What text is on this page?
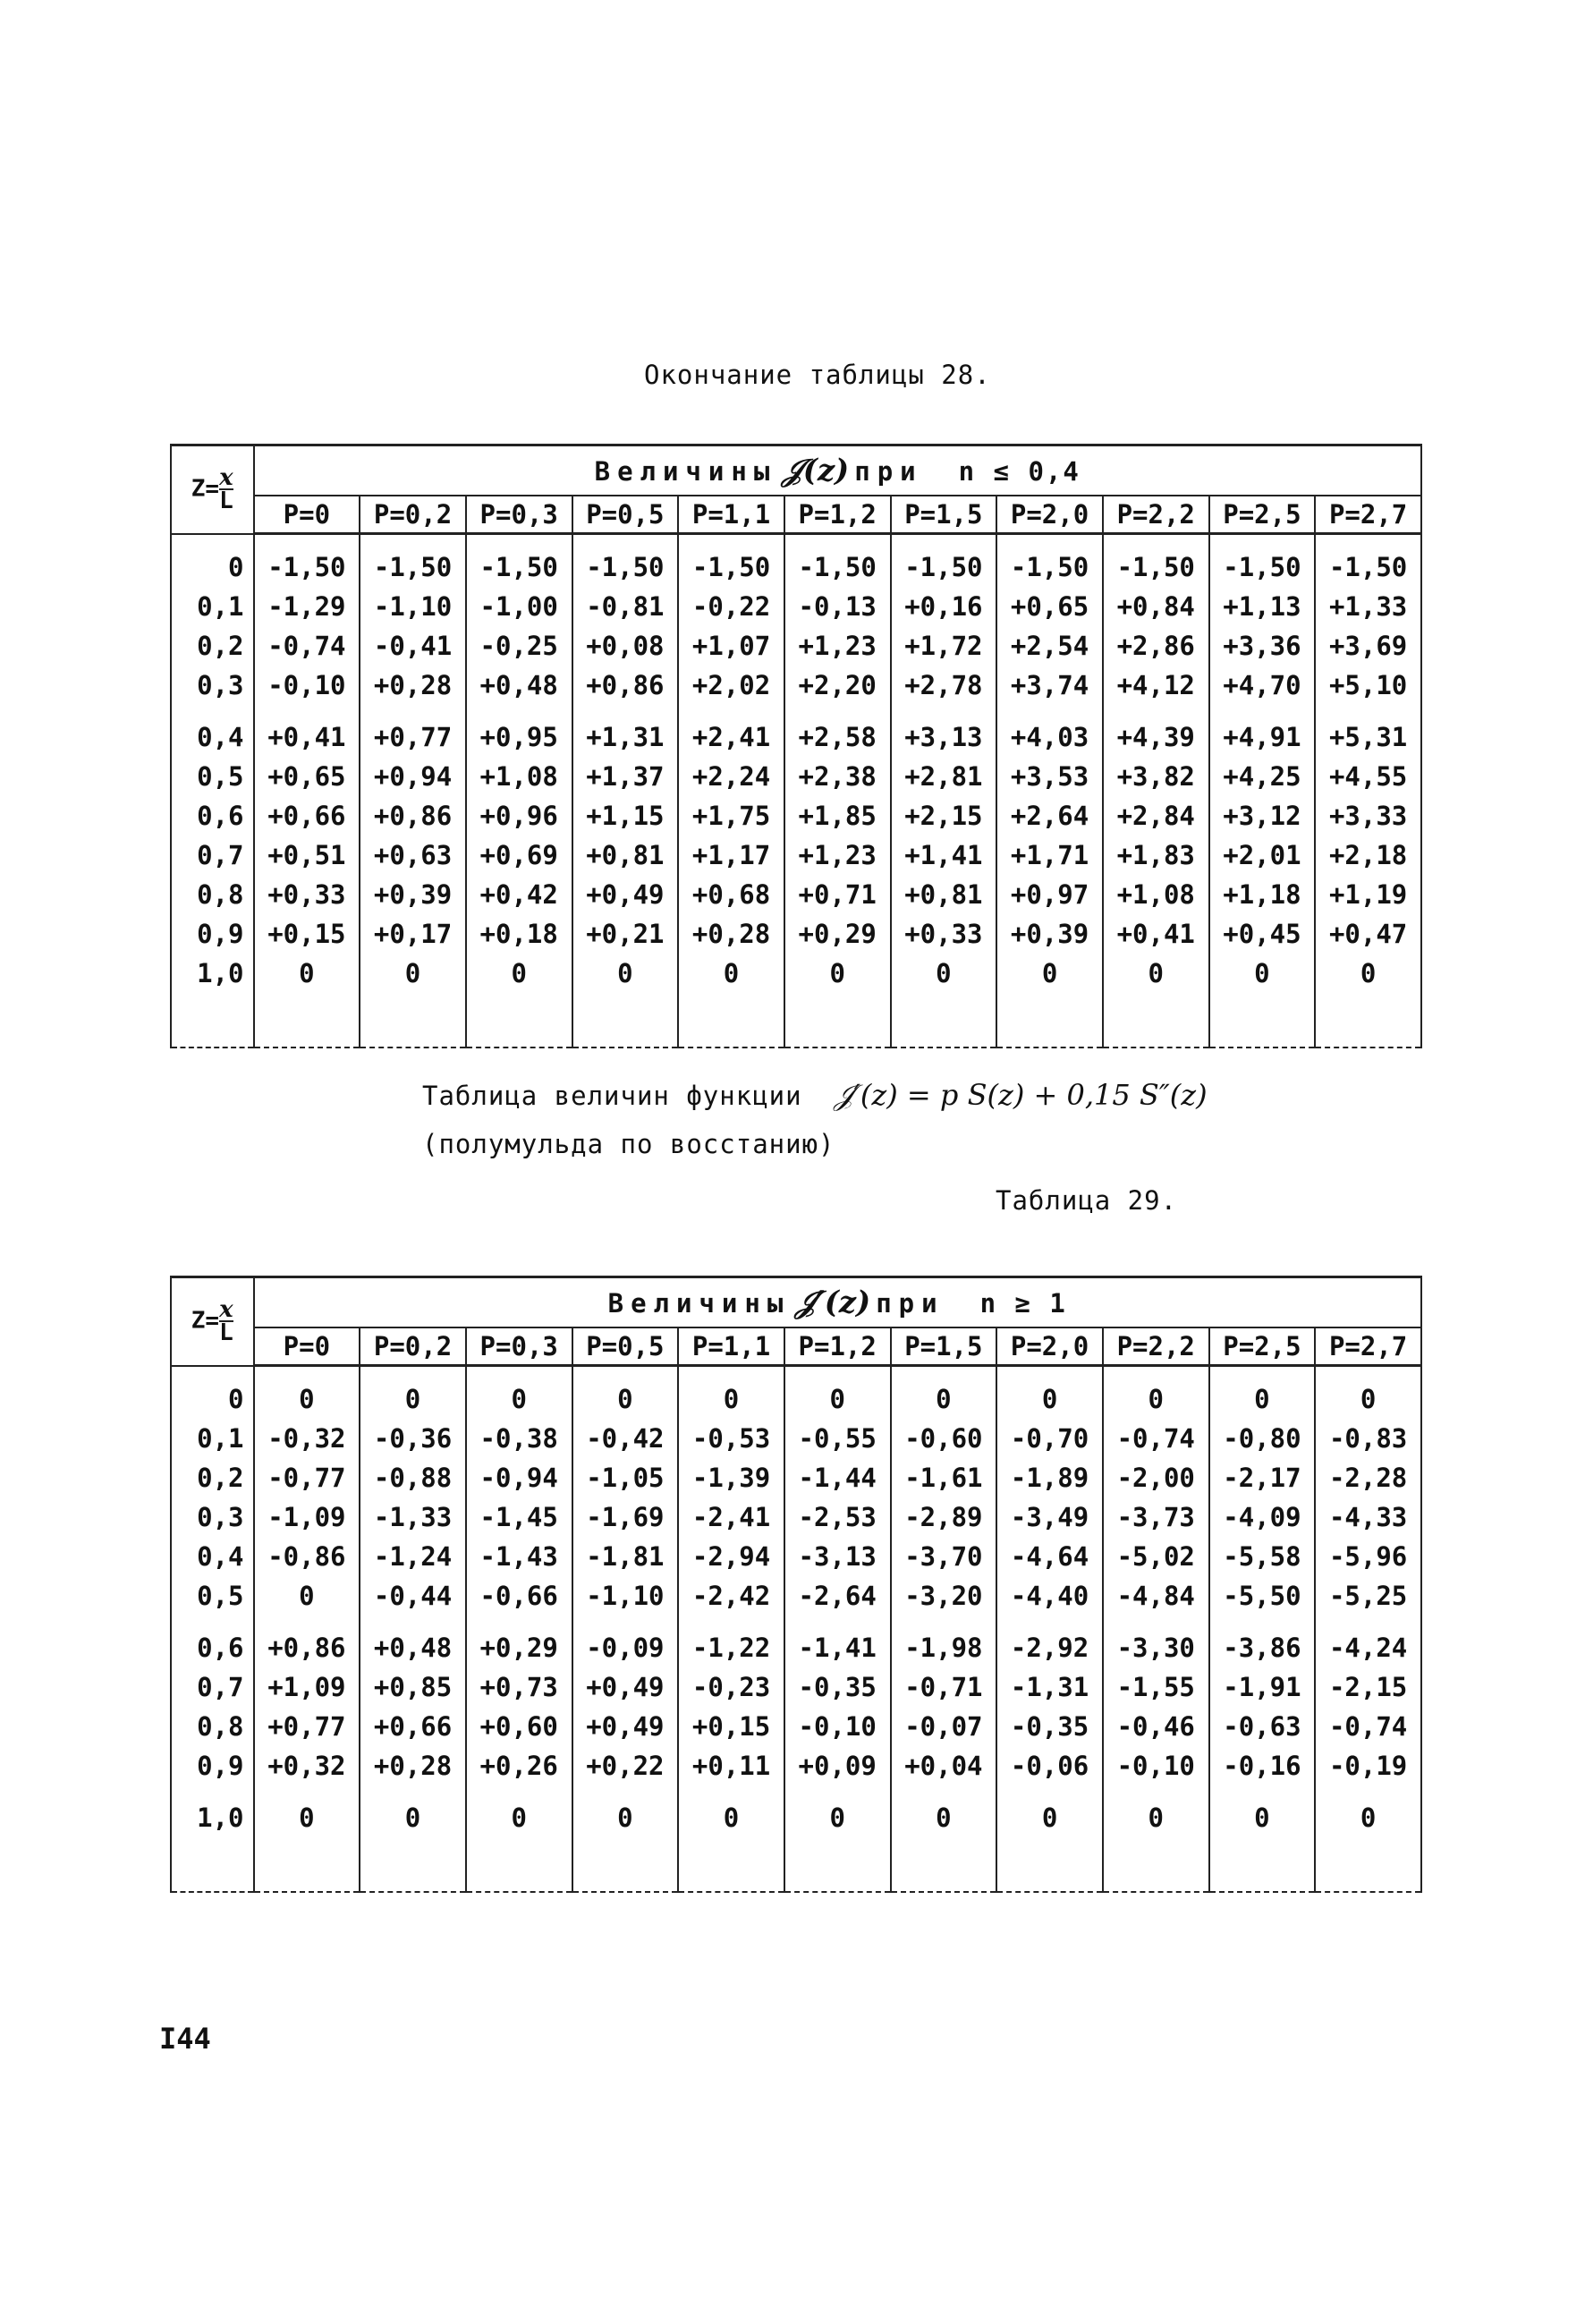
Окончание таблицы 28.
$Z= \frac{x}{L}$	Величины 𝒥(z) при n ≤ 0,4										
	P=0	P=0,2	P=0,3	P=0,5	P=1,1	P=1,2	P=1,5	P=2,0	P=2,2	P=2,5	P=2,7

0	-1,50	-1,50	-1,50	-1,50	-1,50	-1,50	-1,50	-1,50	-1,50	-1,50	-1,50
0,1	-1,29	-1,10	-1,00	-0,81	-0,22	-0,13	+0,16	+0,65	+0,84	+1,13	+1,33
0,2	-0,74	-0,41	-0,25	+0,08	+1,07	+1,23	+1,72	+2,54	+2,86	+3,36	+3,69
0,3	-0,10	+0,28	+0,48	+0,86	+2,02	+2,20	+2,78	+3,74	+4,12	+4,70	+5,10

0,4	+0,41	+0,77	+0,95	+1,31	+2,41	+2,58	+3,13	+4,03	+4,39	+4,91	+5,31
0,5	+0,65	+0,94	+1,08	+1,37	+2,24	+2,38	+2,81	+3,53	+3,82	+4,25	+4,55
0,6	+0,66	+0,86	+0,96	+1,15	+1,75	+1,85	+2,15	+2,64	+2,84	+3,12	+3,33
0,7	+0,51	+0,63	+0,69	+0,81	+1,17	+1,23	+1,41	+1,71	+1,83	+2,01	+2,18
0,8	+0,33	+0,39	+0,42	+0,49	+0,68	+0,71	+0,81	+0,97	+1,08	+1,18	+1,19
0,9	+0,15	+0,17	+0,18	+0,21	+0,28	+0,29	+0,33	+0,39	+0,41	+0,45	+0,47
1,0	0	0	0	0	0	0	0	0	0	0	0

Таблица величин функции 𝒥′(z) = p S(z) + 0,15 S″(z)
(полумульда по восстанию)
Таблица 29.
$Z= \frac{x}{L}$	Величины 𝒥′(z) при n ≥ 1										
	P=0	P=0,2	P=0,3	P=0,5	P=1,1	P=1,2	P=1,5	P=2,0	P=2,2	P=2,5	P=2,7

0	0	0	0	0	0	0	0	0	0	0	0
0,1	-0,32	-0,36	-0,38	-0,42	-0,53	-0,55	-0,60	-0,70	-0,74	-0,80	-0,83
0,2	-0,77	-0,88	-0,94	-1,05	-1,39	-1,44	-1,61	-1,89	-2,00	-2,17	-2,28
0,3	-1,09	-1,33	-1,45	-1,69	-2,41	-2,53	-2,89	-3,49	-3,73	-4,09	-4,33
0,4	-0,86	-1,24	-1,43	-1,81	-2,94	-3,13	-3,70	-4,64	-5,02	-5,58	-5,96
0,5	0	-0,44	-0,66	-1,10	-2,42	-2,64	-3,20	-4,40	-4,84	-5,50	-5,25

0,6	+0,86	+0,48	+0,29	-0,09	-1,22	-1,41	-1,98	-2,92	-3,30	-3,86	-4,24
0,7	+1,09	+0,85	+0,73	+0,49	-0,23	-0,35	-0,71	-1,31	-1,55	-1,91	-2,15
0,8	+0,77	+0,66	+0,60	+0,49	+0,15	-0,10	-0,07	-0,35	-0,46	-0,63	-0,74
0,9	+0,32	+0,28	+0,26	+0,22	+0,11	+0,09	+0,04	-0,06	-0,10	-0,16	-0,19

1,0	0	0	0	0	0	0	0	0	0	0	0

I44
